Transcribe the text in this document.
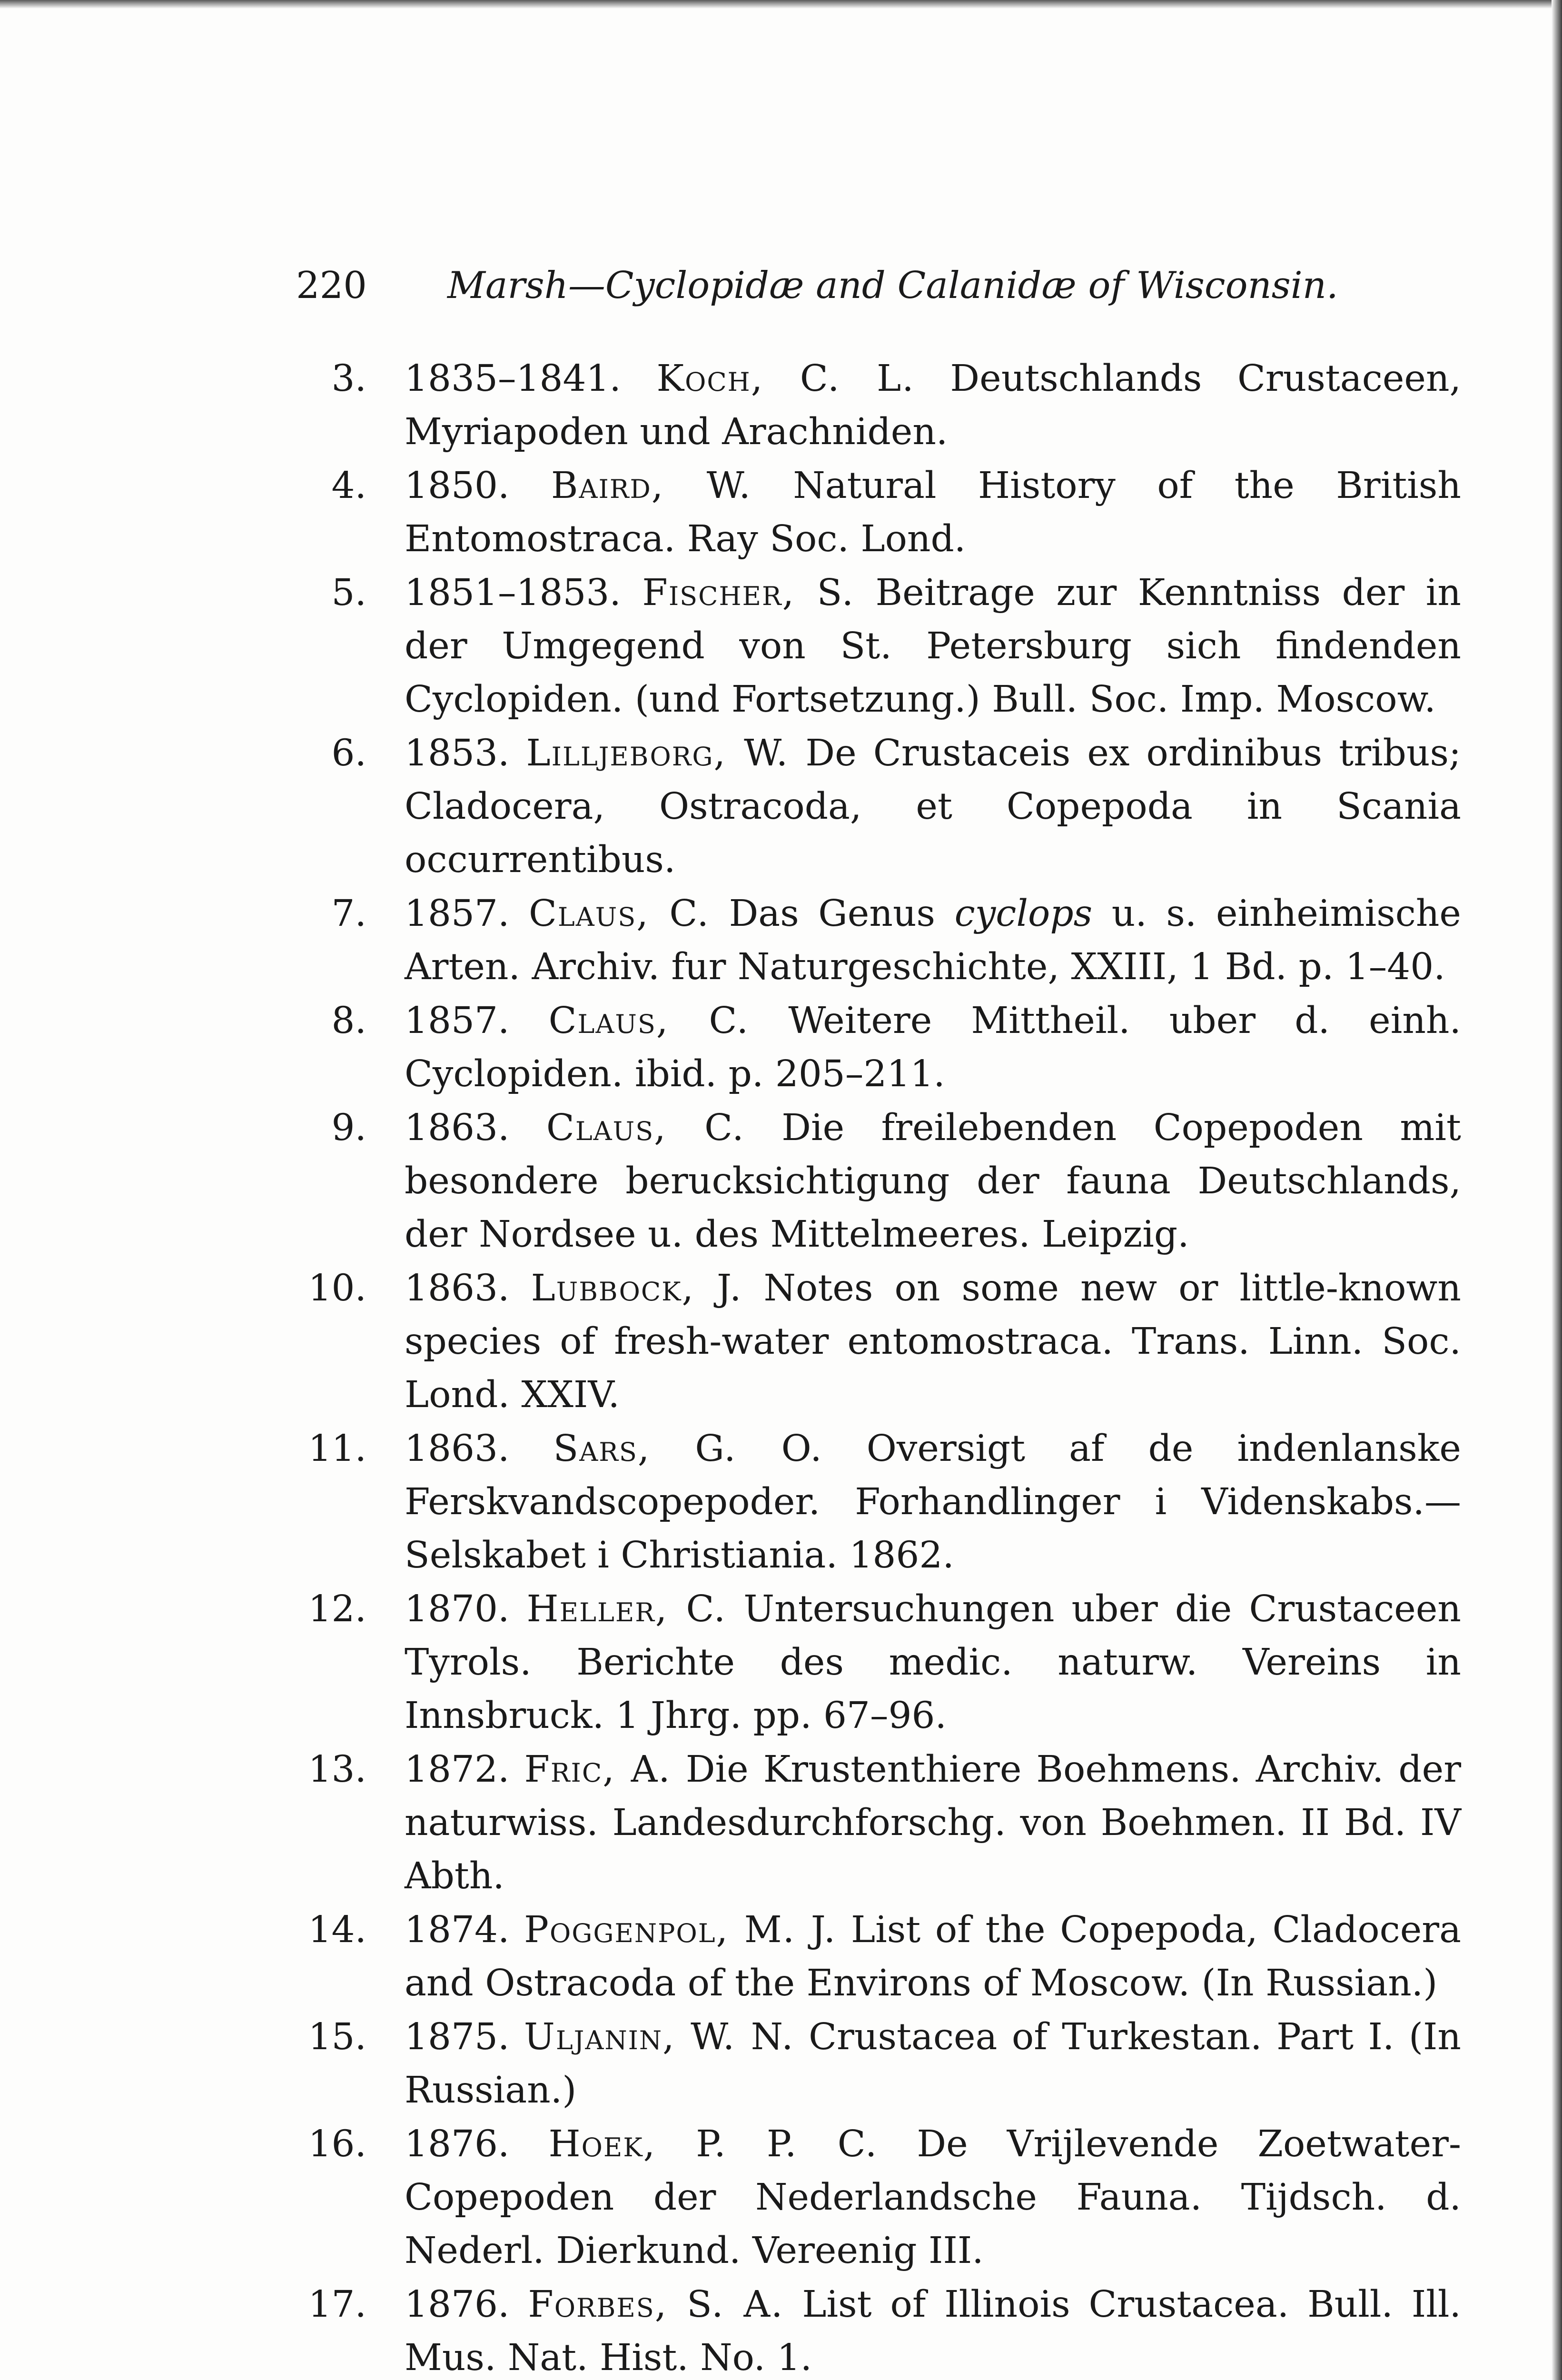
220 Marsh—Cyclopidæ and Calanidæ of Wisconsin.
3. 1835–1841. Koch, C. L. Deutschlands Crustaceen, Myriapoden und Arachniden.
4. 1850. Baird, W. Natural History of the British Entomostraca. Ray Soc. Lond.
5. 1851–1853. Fischer, S. Beitrage zur Kenntniss der in der Umgegend von St. Petersburg sich findenden Cyclopiden. (und Fortsetzung.) Bull. Soc. Imp. Moscow.
6. 1853. Lilljeborg, W. De Crustaceis ex ordinibus tribus; Cladocera, Ostracoda, et Copepoda in Scania occurrentibus.
7. 1857. Claus, C. Das Genus cyclops u. s. einheimische Arten. Archiv. fur Naturgeschichte, XXIII, 1 Bd. p. 1–40.
8. 1857. Claus, C. Weitere Mittheil. uber d. einh. Cyclopiden. ibid. p. 205–211.
9. 1863. Claus, C. Die freilebenden Copepoden mit besondere berucksichtigung der fauna Deutschlands, der Nordsee u. des Mittelmeeres. Leipzig.
10. 1863. Lubbock, J. Notes on some new or little-known species of fresh-water entomostraca. Trans. Linn. Soc. Lond. XXIV.
11. 1863. Sars, G. O. Oversigt af de indenlanske Ferskvandscopepoder. Forhandlinger i Videnskabs.—Selskabet i Christiania. 1862.
12. 1870. Heller, C. Untersuchungen uber die Crustaceen Tyrols. Berichte des medic. naturw. Vereins in Innsbruck. 1 Jhrg. pp. 67–96.
13. 1872. Fric, A. Die Krustenthiere Boehmens. Archiv. der naturwiss. Landesdurchforschg. von Boehmen. II Bd. IV Abth.
14. 1874. Poggenpol, M. J. List of the Copepoda, Cladocera and Ostracoda of the Environs of Moscow. (In Russian.)
15. 1875. Uljanin, W. N. Crustacea of Turkestan. Part I. (In Russian.)
16. 1876. Hoek, P. P. C. De Vrijlevende Zoetwater-Copepoden der Nederlandsche Fauna. Tijdsch. d. Nederl. Dierkund. Vereenig III.
17. 1876. Forbes, S. A. List of Illinois Crustacea. Bull. Ill. Mus. Nat. Hist. No. 1.
